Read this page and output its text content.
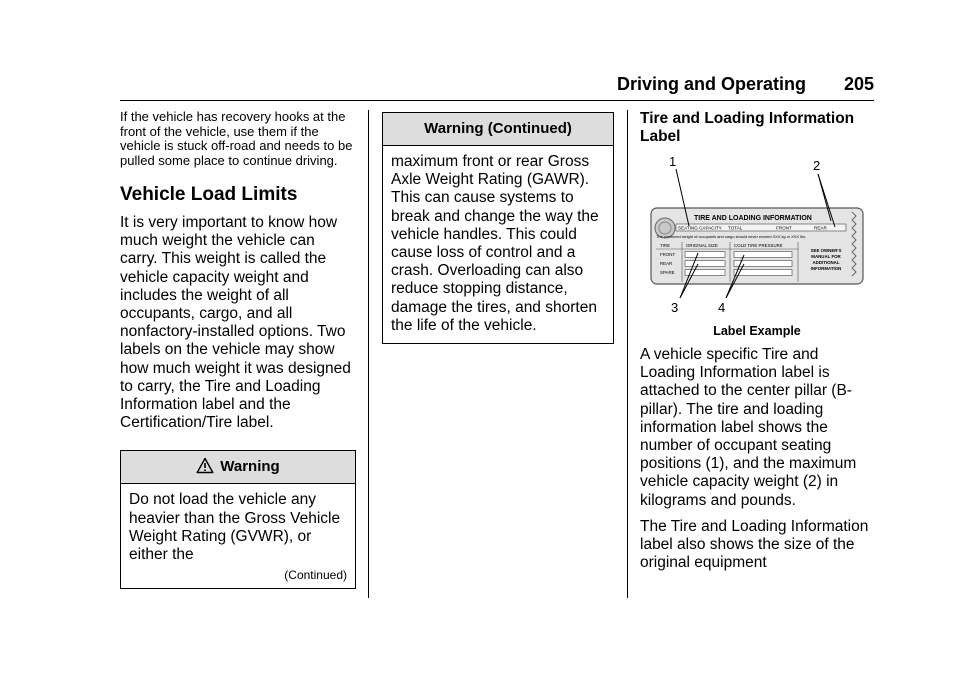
Driving and Operating 205

If the vehicle has recovery hooks at the front of the vehicle, use them if the vehicle is stuck off-road and needs to be pulled some place to continue driving.

Vehicle Load Limits

It is very important to know how much weight the vehicle can carry. This weight is called the vehicle capacity weight and includes the weight of all occupants, cargo, and all nonfactory-installed options. Two labels on the vehicle may show how much weight it was designed to carry, the Tire and Loading Information label and the Certification/Tire label.

Warning
Do not load the vehicle any heavier than the Gross Vehicle Weight Rating (GVWR), or either the
(Continued)
Warning (Continued)
maximum front or rear Gross Axle Weight Rating (GAWR). This can cause systems to break and change the way the vehicle handles. This could cause loss of control and a crash. Overloading can also reduce stopping distance, damage the tires, and shorten the life of the vehicle.
Tire and Loading Information Label
TIRE AND LOADING INFORMATION
SEATING CAPACITY TOTAL	FRONT	REAR
The combined weight of occupants and cargo should never exceed XXX kg or XXX lbs.
TIRE	ORIGINAL SIZE	COLD TIRE PRESSURE
FRONT
REAR
SPARE
SEE OWNER'S
MANUAL FOR
ADDITIONAL
INFORMATION
1	2
3	4
Label Example

A vehicle specific Tire and Loading Information label is attached to the center pillar (B-pillar). The tire and loading information label shows the number of occupant seating positions (1), and the maximum vehicle capacity weight (2) in kilograms and pounds.

The Tire and Loading Information label also shows the size of the original equipment
